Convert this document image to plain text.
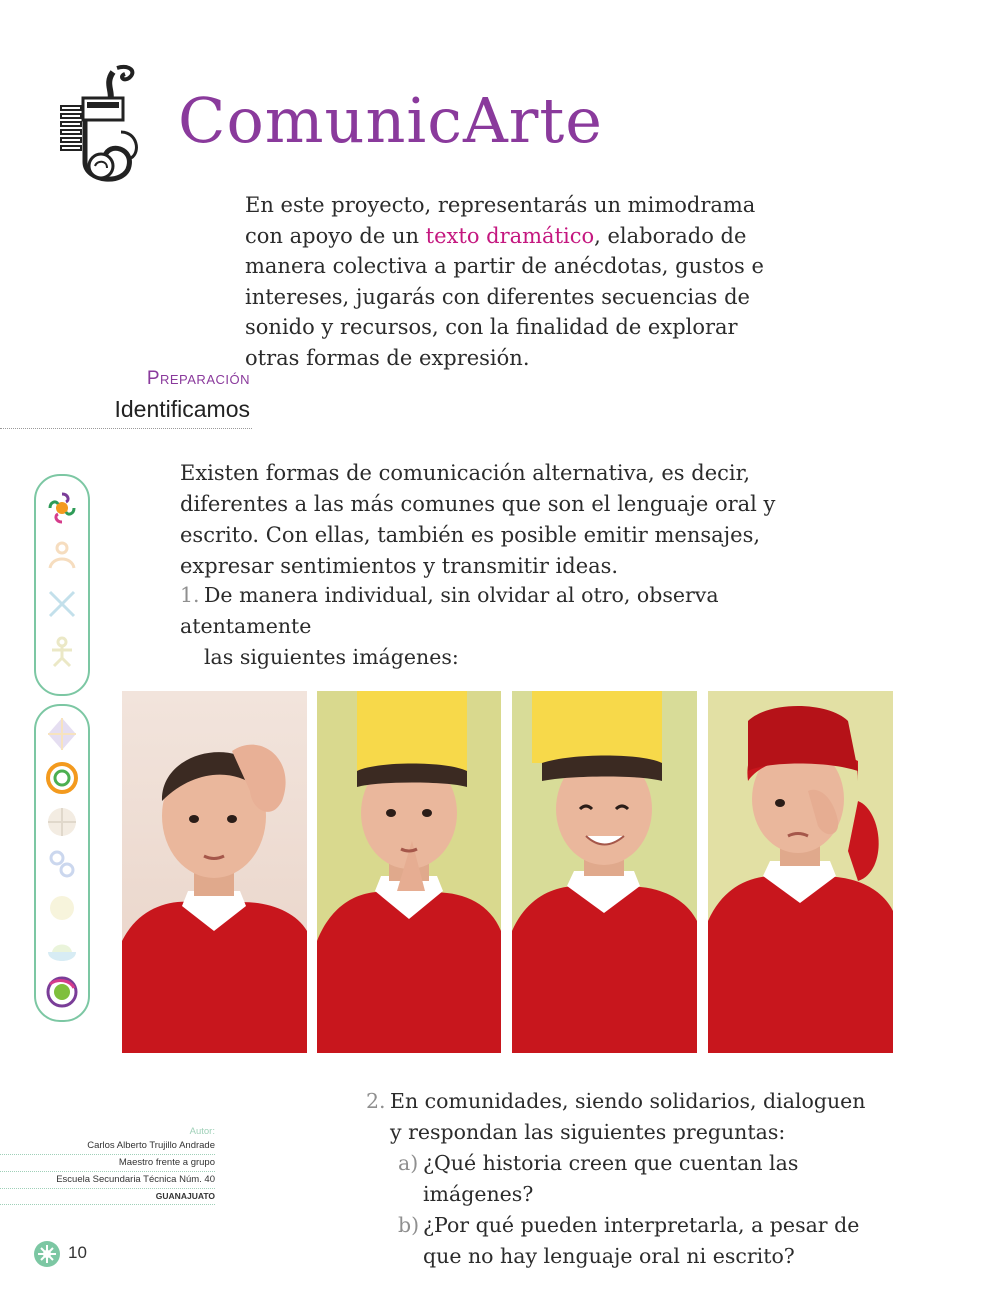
ComunicArte

En este proyecto, representarás un mimodrama con apoyo de un texto dramático, elaborado de manera colectiva a partir de anécdotas, gustos e intereses, jugarás con diferentes secuencias de sonido y recursos, con la finalidad de explorar otras formas de expresión.

Preparación
Identificamos

Existen formas de comunicación alternativa, es decir, diferentes a las más comunes que son el lenguaje oral y escrito. Con ellas, también es posible emitir mensajes, expresar sentimientos y transmitir ideas.

1. De manera individual, sin olvidar al otro, observa atentamente
las siguientes imágenes:
2. En comunidades, siendo solidarios, dialoguen
y respondan las siguientes preguntas:
a) ¿Qué historia creen que cuentan las imágenes?
b) ¿Por qué pueden interpretarla, a pesar de que no hay lenguaje oral ni escrito?
Autor:
Carlos Alberto Trujillo Andrade
Maestro frente a grupo
Escuela Secundaria Técnica Núm. 40
GUANAJUATO
10
